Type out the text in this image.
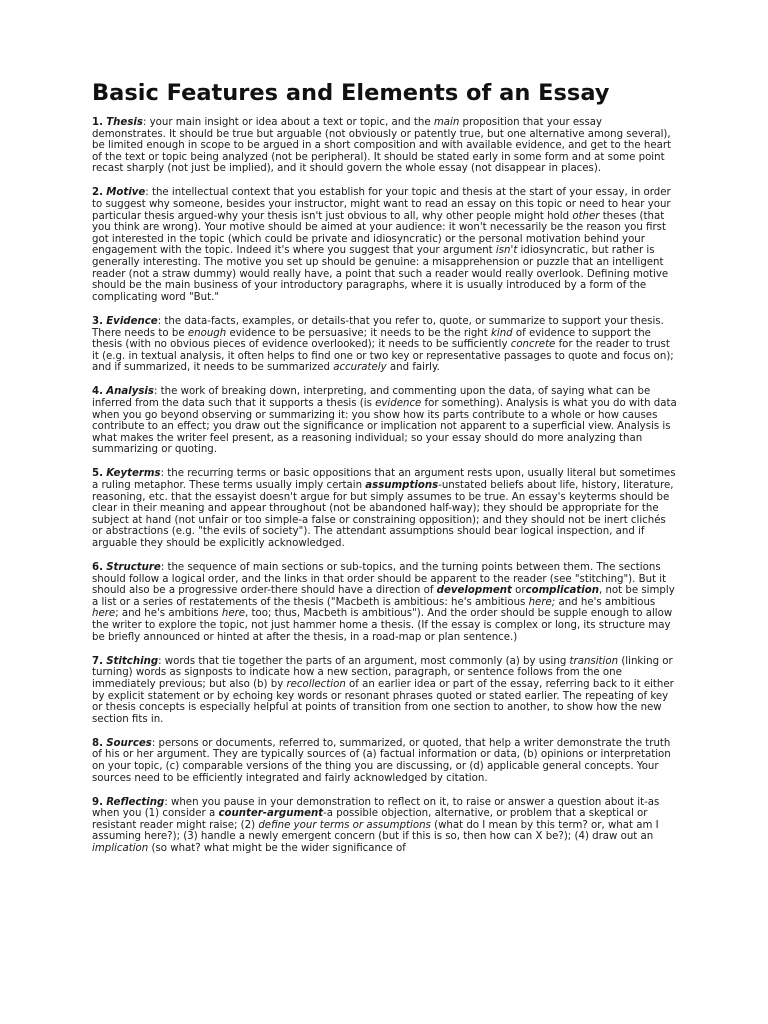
Basic Features and Elements of an Essay

1. Thesis: your main insight or idea about a text or topic, and the main proposition that your essay demonstrates. It should be true but arguable (not obviously or patently true, but one alternative among several), be limited enough in scope to be argued in a short composition and with available evidence, and get to the heart of the text or topic being analyzed (not be peripheral). It should be stated early in some form and at some point recast sharply (not just be implied), and it should govern the whole essay (not disappear in places).

2. Motive: the intellectual context that you establish for your topic and thesis at the start of your essay, in order to suggest why someone, besides your instructor, might want to read an essay on this topic or need to hear your particular thesis argued-why your thesis isn't just obvious to all, why other people might hold other theses (that you think are wrong). Your motive should be aimed at your audience: it won't necessarily be the reason you first got interested in the topic (which could be private and idiosyncratic) or the personal motivation behind your engagement with the topic. Indeed it's where you suggest that your argument isn't idiosyncratic, but rather is generally interesting. The motive you set up should be genuine: a misapprehension or puzzle that an intelligent reader (not a straw dummy) would really have, a point that such a reader would really overlook. Defining motive should be the main business of your introductory paragraphs, where it is usually introduced by a form of the complicating word "But."

3. Evidence: the data-facts, examples, or details-that you refer to, quote, or summarize to support your thesis. There needs to be enough evidence to be persuasive; it needs to be the right kind of evidence to support the thesis (with no obvious pieces of evidence overlooked); it needs to be sufficiently concrete for the reader to trust it (e.g. in textual analysis, it often helps to find one or two key or representative passages to quote and focus on); and if summarized, it needs to be summarized accurately and fairly.

4. Analysis: the work of breaking down, interpreting, and commenting upon the data, of saying what can be inferred from the data such that it supports a thesis (is evidence for something). Analysis is what you do with data when you go beyond observing or summarizing it: you show how its parts contribute to a whole or how causes contribute to an effect; you draw out the significance or implication not apparent to a superficial view. Analysis is what makes the writer feel present, as a reasoning individual; so your essay should do more analyzing than summarizing or quoting.

5. Keyterms: the recurring terms or basic oppositions that an argument rests upon, usually literal but sometimes a ruling metaphor. These terms usually imply certain assumptions-unstated beliefs about life, history, literature, reasoning, etc. that the essayist doesn't argue for but simply assumes to be true. An essay's keyterms should be clear in their meaning and appear throughout (not be abandoned half-way); they should be appropriate for the subject at hand (not unfair or too simple-a false or constraining opposition); and they should not be inert clichés or abstractions (e.g. "the evils of society"). The attendant assumptions should bear logical inspection, and if arguable they should be explicitly acknowledged.

6. Structure: the sequence of main sections or sub-topics, and the turning points between them. The sections should follow a logical order, and the links in that order should be apparent to the reader (see "stitching"). But it should also be a progressive order-there should have a direction of development orcomplication, not be simply a list or a series of restatements of the thesis ("Macbeth is ambitious: he's ambitious here; and he's ambitious here; and he's ambitions here, too; thus, Macbeth is ambitious"). And the order should be supple enough to allow the writer to explore the topic, not just hammer home a thesis. (If the essay is complex or long, its structure may be briefly announced or hinted at after the thesis, in a road-map or plan sentence.)

7. Stitching: words that tie together the parts of an argument, most commonly (a) by using transition (linking or turning) words as signposts to indicate how a new section, paragraph, or sentence follows from the one immediately previous; but also (b) by recollection of an earlier idea or part of the essay, referring back to it either by explicit statement or by echoing key words or resonant phrases quoted or stated earlier. The repeating of key or thesis concepts is especially helpful at points of transition from one section to another, to show how the new section fits in.

8. Sources: persons or documents, referred to, summarized, or quoted, that help a writer demonstrate the truth of his or her argument. They are typically sources of (a) factual information or data, (b) opinions or interpretation on your topic, (c) comparable versions of the thing you are discussing, or (d) applicable general concepts. Your sources need to be efficiently integrated and fairly acknowledged by citation.

9. Reflecting: when you pause in your demonstration to reflect on it, to raise or answer a question about it-as when you (1) consider a counter-argument-a possible objection, alternative, or problem that a skeptical or resistant reader might raise; (2) define your terms or assumptions (what do I mean by this term? or, what am I assuming here?); (3) handle a newly emergent concern (but if this is so, then how can X be?); (4) draw out an implication (so what? what might be the wider significance of
